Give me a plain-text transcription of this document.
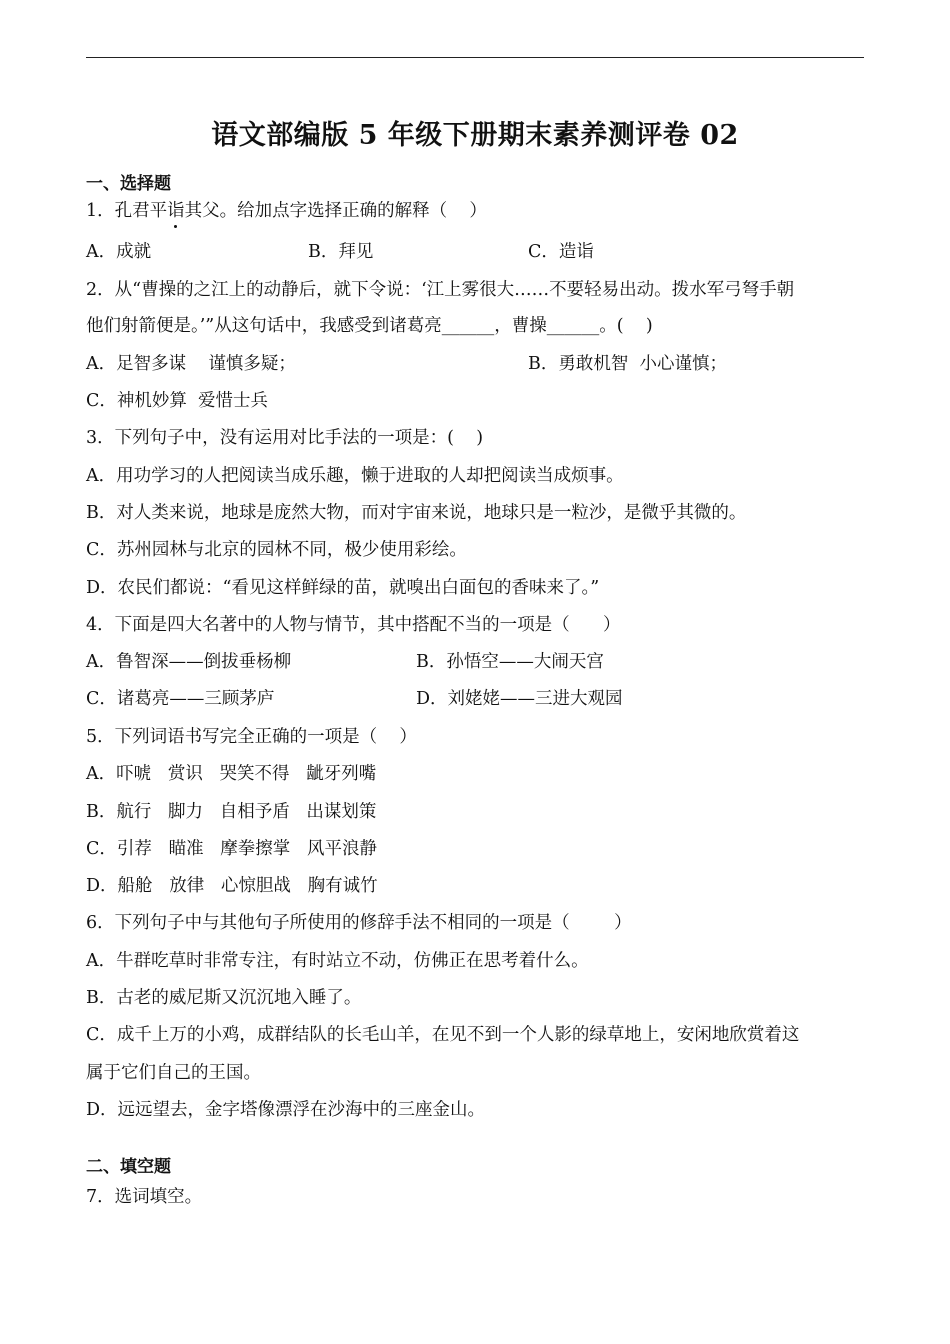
语文部编版 5 年级下册期末素养测评卷 02
一、选择题
1．孔君平诣其父。给加点字选择正确的解释（    ）
A．成就	B．拜见	C．造诣
2．从“曹操的之江上的动静后，就下令说：‘江上雾很大……不要轻易出动。拨水军弓弩手朝
他们射箭便是。’”从这句话中，我感受到诸葛亮______，曹操______。(    )
A．足智多谋    谨慎多疑；	B．勇敢机智  小心谨慎；
C．神机妙算  爱惜士兵
3．下列句子中，没有运用对比手法的一项是：(    )
A．用功学习的人把阅读当成乐趣，懒于进取的人却把阅读当成烦事。
B．对人类来说，地球是庞然大物，而对宇宙来说，地球只是一粒沙，是微乎其微的。
C．苏州园林与北京的园林不同，极少使用彩绘。
D．农民们都说：“看见这样鲜绿的苗，就嗅出白面包的香味来了。”
4．下面是四大名著中的人物与情节，其中搭配不当的一项是（      ）
A．鲁智深——倒拔垂杨柳	B．孙悟空——大闹天宫
C．诸葛亮——三顾茅庐	D．刘姥姥——三进大观园
5．下列词语书写完全正确的一项是（    ）
A．吓唬   赏识   哭笑不得   龇牙列嘴
B．航行   脚力   自相予盾   出谋划策
C．引荐   瞄准   摩拳擦掌   风平浪静
D．船舱   放律   心惊胆战   胸有诚竹
6．下列句子中与其他句子所使用的修辞手法不相同的一项是（        ）
A．牛群吃草时非常专注，有时站立不动，仿佛正在思考着什么。
B．古老的威尼斯又沉沉地入睡了。
C．成千上万的小鸡，成群结队的长毛山羊，在见不到一个人影的绿草地上，安闲地欣赏着这
属于它们自己的王国。
D．远远望去，金字塔像漂浮在沙海中的三座金山。
二、填空题
7．选词填空。
